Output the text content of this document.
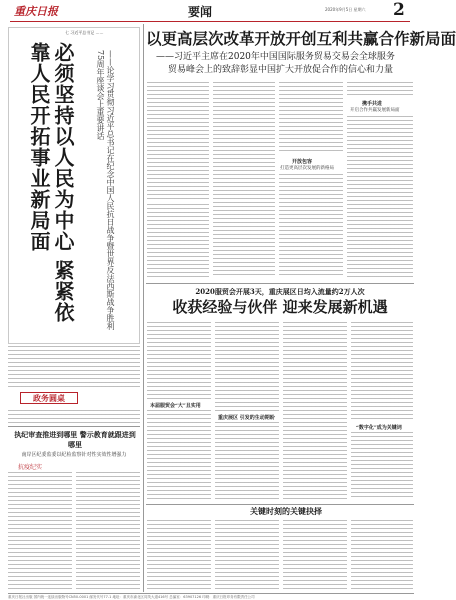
重庆日报	要闻	2020年9月5日 星期六 2
七 习近平总书记 ……
必须坚持以人民为中心 紧紧依靠人民开拓事业新局面	——论学习贯彻习近平总书记在纪念中国人民抗日战争暨世界反法西斯战争胜利75周年座谈会上重要讲话
政务圆桌
执纪审查推进到哪里 警示教育就跟进到哪里
南岸区纪委监委以纪检监察针对性实效性增强力
抗疫纪实
以更高层次改革开放开创互利共赢合作新局面
——习近平主席在2020年中国国际服务贸易交易会全球服务
贸易峰会上的致辞彰显中国扩大开放促合作的信心和力量
开放包容
打造更高层次发展的新格局
携手共进
开启合作共赢发展新局面
2020服贸会开展3天，重庆展区日均入流量约2万人次
收获经验与伙伴 迎来发展新机遇
本届服贸会“大”且实用
重庆展区 引发的生动期盼
“数字化”成为关键词
关键时刻的关键抉择
重庆日报社出版 国内统一连续出版物号CN50-0001 邮发代号77-1 地址：重庆市渝北区同茂大道416号 总编室：63907126 印刷：重庆日报印务有限责任公司
